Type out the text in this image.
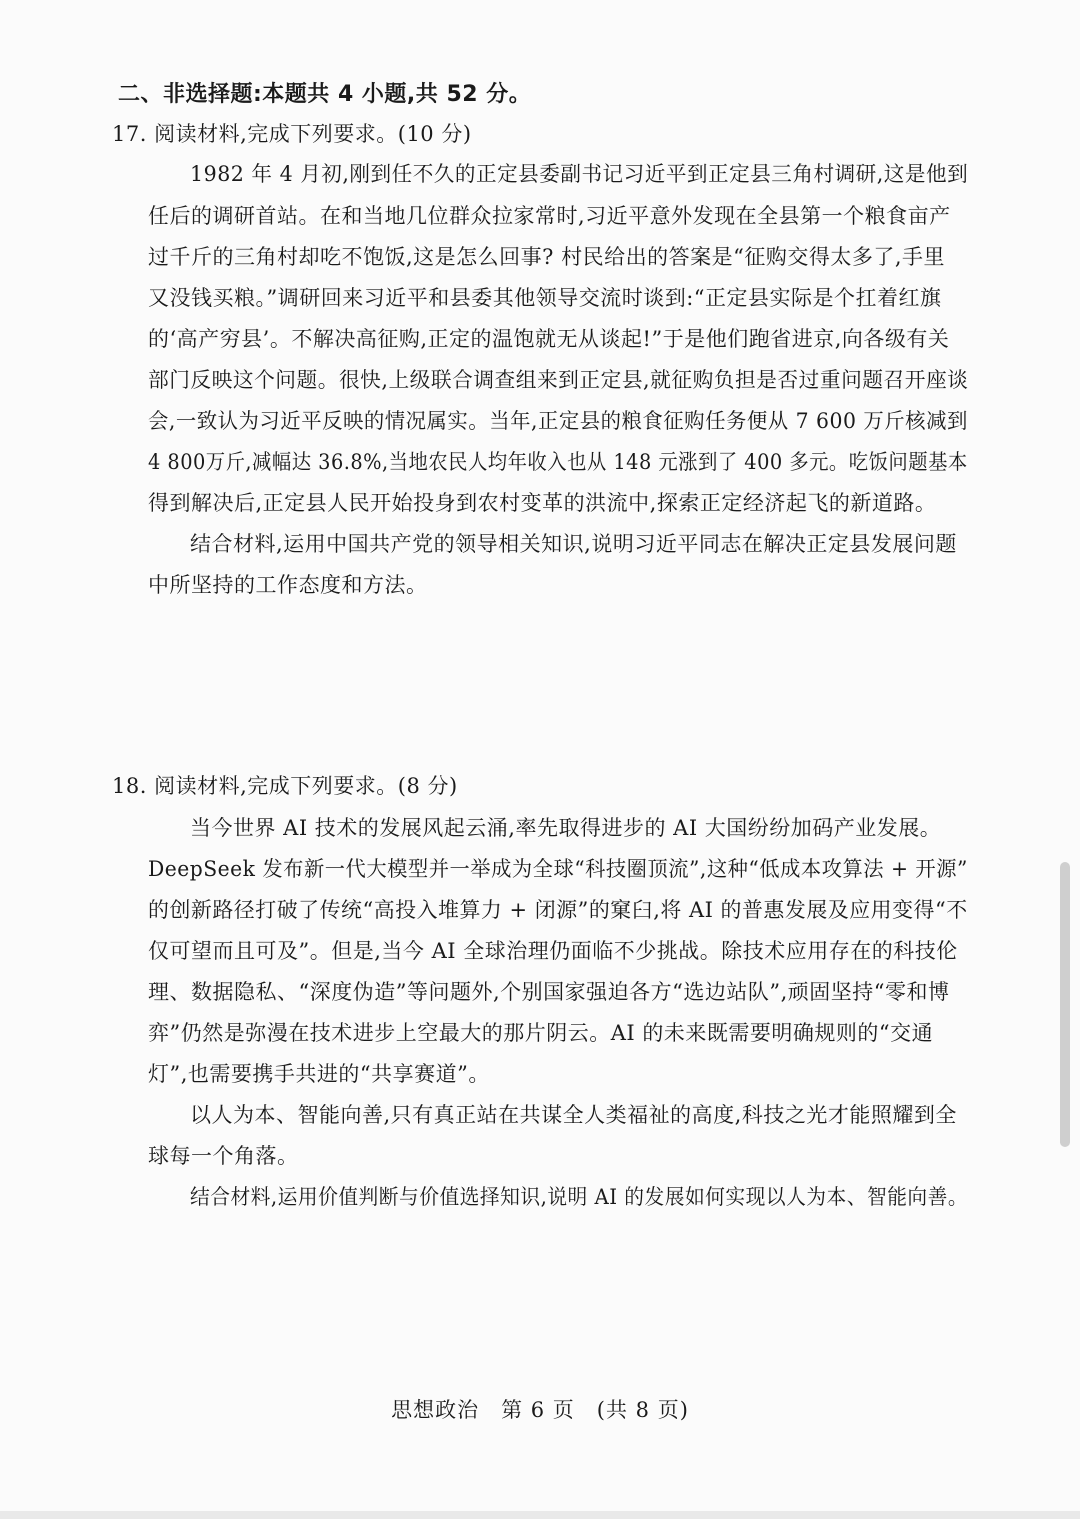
二、非选择题:本题共 4 小题,共 52 分。
17. 阅读材料,完成下列要求。(10 分)
1982 年 4 月初,刚到任不久的正定县委副书记习近平到正定县三角村调研,这是他到
任后的调研首站。在和当地几位群众拉家常时,习近平意外发现在全县第一个粮食亩产
过千斤的三角村却吃不饱饭,这是怎么回事? 村民给出的答案是“征购交得太多了,手里
又没钱买粮。”调研回来习近平和县委其他领导交流时谈到:“正定县实际是个扛着红旗
的‘高产穷县’。不解决高征购,正定的温饱就无从谈起!”于是他们跑省进京,向各级有关
部门反映这个问题。很快,上级联合调查组来到正定县,就征购负担是否过重问题召开座谈
会,一致认为习近平反映的情况属实。当年,正定县的粮食征购任务便从 7 600 万斤核减到
4 800万斤,减幅达 36.8%,当地农民人均年收入也从 148 元涨到了 400 多元。吃饭问题基本
得到解决后,正定县人民开始投身到农村变革的洪流中,探索正定经济起飞的新道路。
结合材料,运用中国共产党的领导相关知识,说明习近平同志在解决正定县发展问题
中所坚持的工作态度和方法。
18. 阅读材料,完成下列要求。(8 分)
当今世界 AI 技术的发展风起云涌,率先取得进步的 AI 大国纷纷加码产业发展。
DeepSeek 发布新一代大模型并一举成为全球“科技圈顶流”,这种“低成本攻算法 + 开源”
的创新路径打破了传统“高投入堆算力 + 闭源”的窠臼,将 AI 的普惠发展及应用变得“不
仅可望而且可及”。但是,当今 AI 全球治理仍面临不少挑战。除技术应用存在的科技伦
理、数据隐私、“深度伪造”等问题外,个别国家强迫各方“选边站队”,顽固坚持“零和博
弈”仍然是弥漫在技术进步上空最大的那片阴云。AI 的未来既需要明确规则的“交通
灯”,也需要携手共进的“共享赛道”。
以人为本、智能向善,只有真正站在共谋全人类福祉的高度,科技之光才能照耀到全
球每一个角落。
结合材料,运用价值判断与价值选择知识,说明 AI 的发展如何实现以人为本、智能向善。
思想政治　第 6 页　(共 8 页)
